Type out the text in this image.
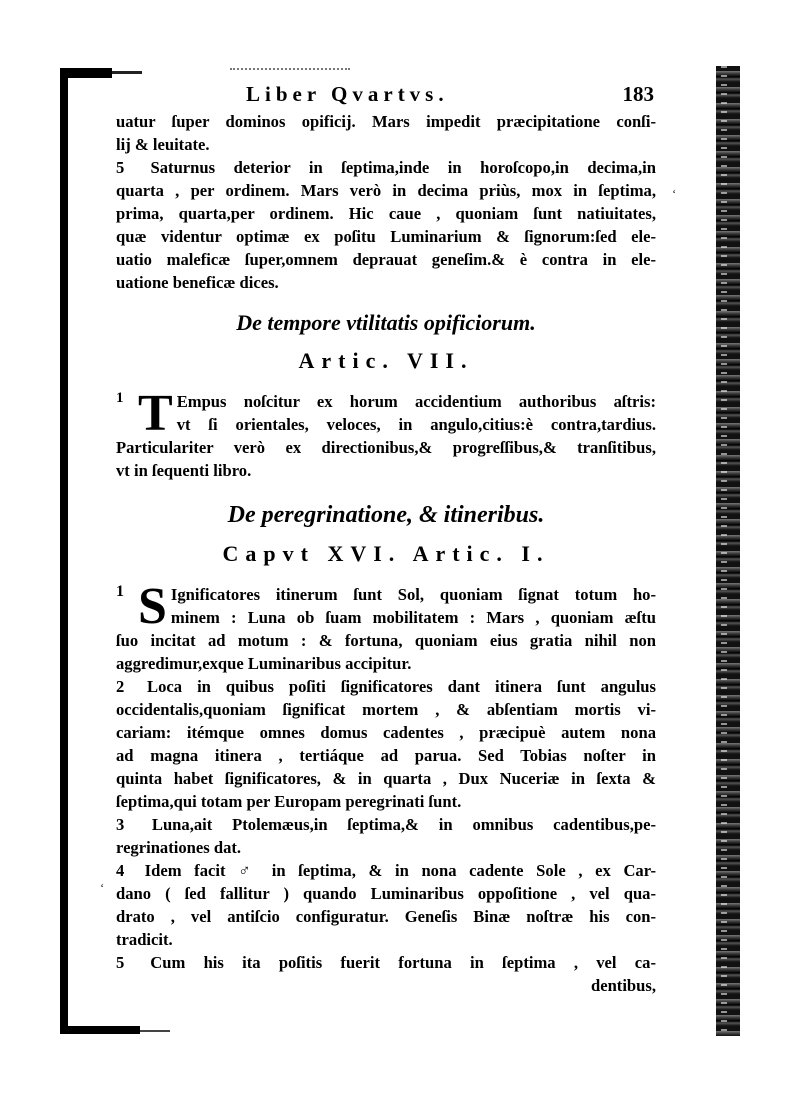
‘
‘
Liber Qvartvs.	183

uatur ſuper dominos opificij. Mars impedit præcipitatione conſi-

lij & leuitate.

5 Saturnus deterior in ſeptima,inde in horoſcopo,in decima,in

quarta , per ordinem. Mars verò in decima priùs, mox in ſeptima,

prima, quarta,per ordinem. Hic caue , quoniam ſunt natiuitates,

quæ videntur optimæ ex poſitu Luminarium & ſignorum:ſed ele-

uatio maleficæ ſuper,omnem deprauat geneſim.& è contra in ele-

uatione beneficæ dices.

De tempore vtilitatis opificiorum.

Artic. VII.

1 T Empus noſcitur ex horum accidentium authoribus aſtris:

vt ſi orientales, veloces, in angulo,citius:è contra,tardius.

Particulariter verò ex directionibus,& progreſſibus,& tranſitibus,

vt in ſequenti libro.

De peregrinatione, & itineribus.

Capvt XVI. Artic. I.

1 S Ignificatores itinerum ſunt Sol, quoniam ſignat totum ho-

minem : Luna ob ſuam mobilitatem : Mars , quoniam æſtu

ſuo incitat ad motum : & fortuna, quoniam eius gratia nihil non

aggredimur,exque Luminaribus accipitur.

2 Loca in quibus poſiti ſignificatores dant itinera ſunt angulus

occidentalis,quoniam ſignificat mortem , & abſentiam mortis vi-

cariam: itémque omnes domus cadentes , præcipuè autem nona

ad magna itinera , tertiáque ad parua. Sed Tobias noſter in

quinta habet ſignificatores, & in quarta , Dux Nuceriæ in ſexta &

ſeptima,qui totam per Europam peregrinati ſunt.

3 Luna,ait Ptolemæus,in ſeptima,& in omnibus cadentibus,pe-

regrinationes dat.

4 Idem facit ♂ in ſeptima, & in nona cadente Sole , ex Car-

dano ( ſed fallitur ) quando Luminaribus oppoſitione , vel qua-

drato , vel antiſcio configuratur. Geneſis Binæ noſtræ his con-

tradicit.

5 Cum his ita poſitis fuerit fortuna in ſeptima , vel ca-

dentibus,
